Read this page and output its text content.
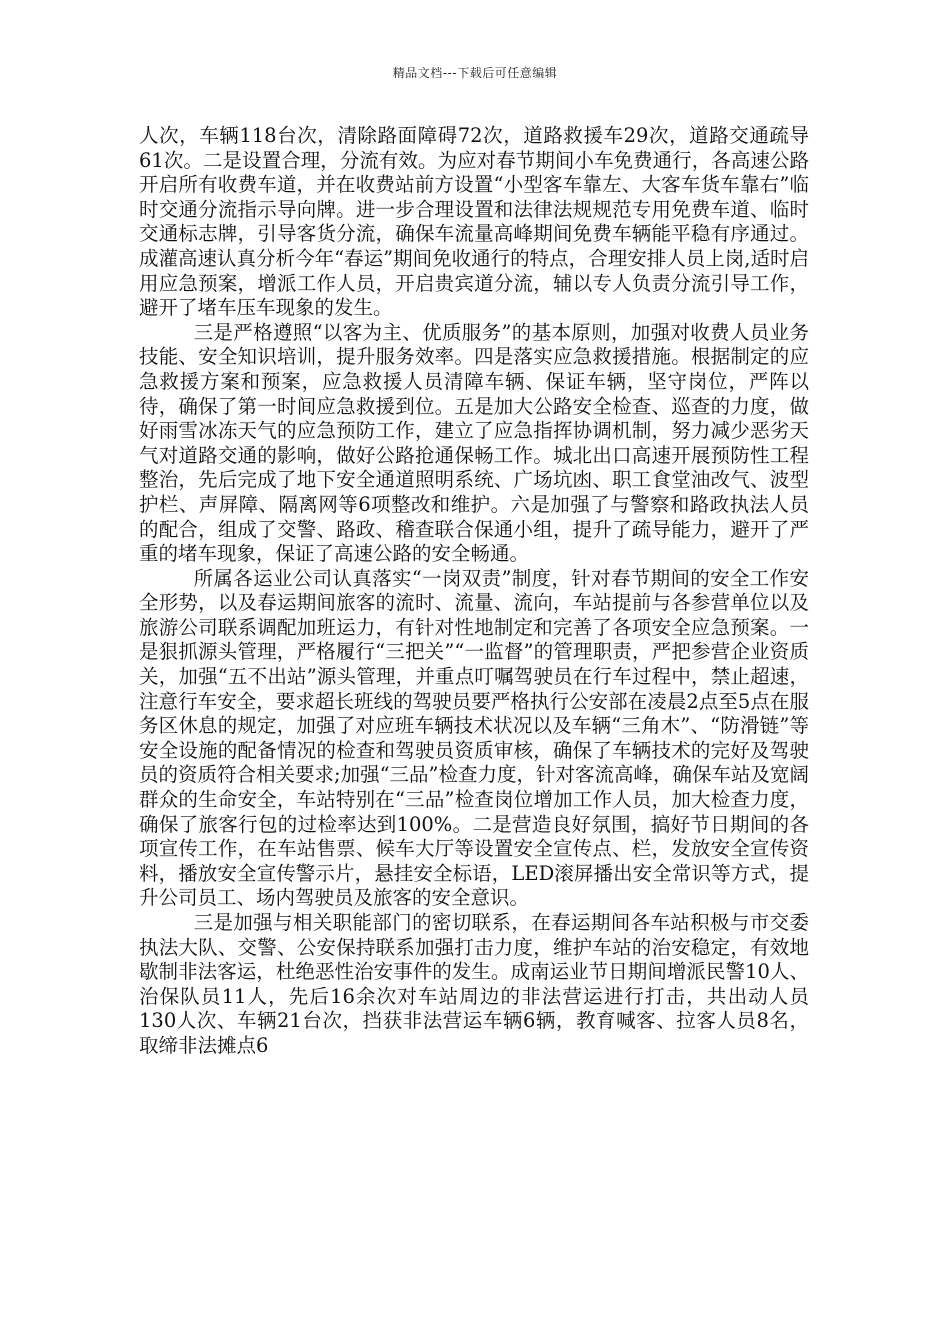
精品文档---下载后可任意编辑

人次，车辆118台次，清除路面障碍72次，道路救援车29次，道路交通疏导61次。二是设置合理，分流有效。为应对春节期间小车免费通行，各高速公路开启所有收费车道，并在收费站前方设置“小型客车靠左、大客车货车靠右”临时交通分流指示导向牌。进一步合理设置和法律法规规范专用免费车道、临时交通标志牌，引导客货分流，确保车流量高峰期间免费车辆能平稳有序通过。成灌高速认真分析今年“春运”期间免收通行的特点，合理安排人员上岗,适时启用应急预案，增派工作人员，开启贵宾道分流，辅以专人负责分流引导工作，避开了堵车压车现象的发生。

三是严格遵照“以客为主、优质服务”的基本原则，加强对收费人员业务技能、安全知识培训，提升服务效率。四是落实应急救援措施。根据制定的应急救援方案和预案，应急救援人员清障车辆、保证车辆，坚守岗位，严阵以待，确保了第一时间应急救援到位。五是加大公路安全检查、巡查的力度，做好雨雪冰冻天气的应急预防工作，建立了应急指挥协调机制，努力减少恶劣天气对道路交通的影响，做好公路抢通保畅工作。城北出口高速开展预防性工程整治，先后完成了地下安全通道照明系统、广场坑凼、职工食堂油改气、波型护栏、声屏障、隔离网等6项整改和维护。六是加强了与警察和路政执法人员的配合，组成了交警、路政、稽查联合保通小组，提升了疏导能力，避开了严重的堵车现象，保证了高速公路的安全畅通。

所属各运业公司认真落实“一岗双责”制度，针对春节期间的安全工作安全形势，以及春运期间旅客的流时、流量、流向，车站提前与各参营单位以及旅游公司联系调配加班运力，有针对性地制定和完善了各项安全应急预案。一是狠抓源头管理，严格履行“三把关”“一监督”的管理职责，严把参营企业资质关，加强“五不出站”源头管理，并重点叮嘱驾驶员在行车过程中，禁止超速，注意行车安全，要求超长班线的驾驶员要严格执行公安部在凌晨2点至5点在服务区休息的规定，加强了对应班车辆技术状况以及车辆“三角木”、“防滑链”等安全设施的配备情况的检查和驾驶员资质审核，确保了车辆技术的完好及驾驶员的资质符合相关要求;加强“三品”检查力度，针对客流高峰，确保车站及宽阔群众的生命安全，车站特别在“三品”检查岗位增加工作人员，加大检查力度，确保了旅客行包的过检率达到100%。二是营造良好氛围，搞好节日期间的各项宣传工作，在车站售票、候车大厅等设置安全宣传点、栏，发放安全宣传资料，播放安全宣传警示片，悬挂安全标语，LED滚屏播出安全常识等方式，提升公司员工、场内驾驶员及旅客的安全意识。

三是加强与相关职能部门的密切联系，在春运期间各车站积极与市交委执法大队、交警、公安保持联系加强打击力度，维护车站的治安稳定，有效地歇制非法客运，杜绝恶性治安事件的发生。成南运业节日期间增派民警10人、治保队员11人，先后16余次对车站周边的非法营运进行打击，共出动人员130人次、车辆21台次，挡获非法营运车辆6辆，教育喊客、拉客人员8名，取缔非法摊点6
